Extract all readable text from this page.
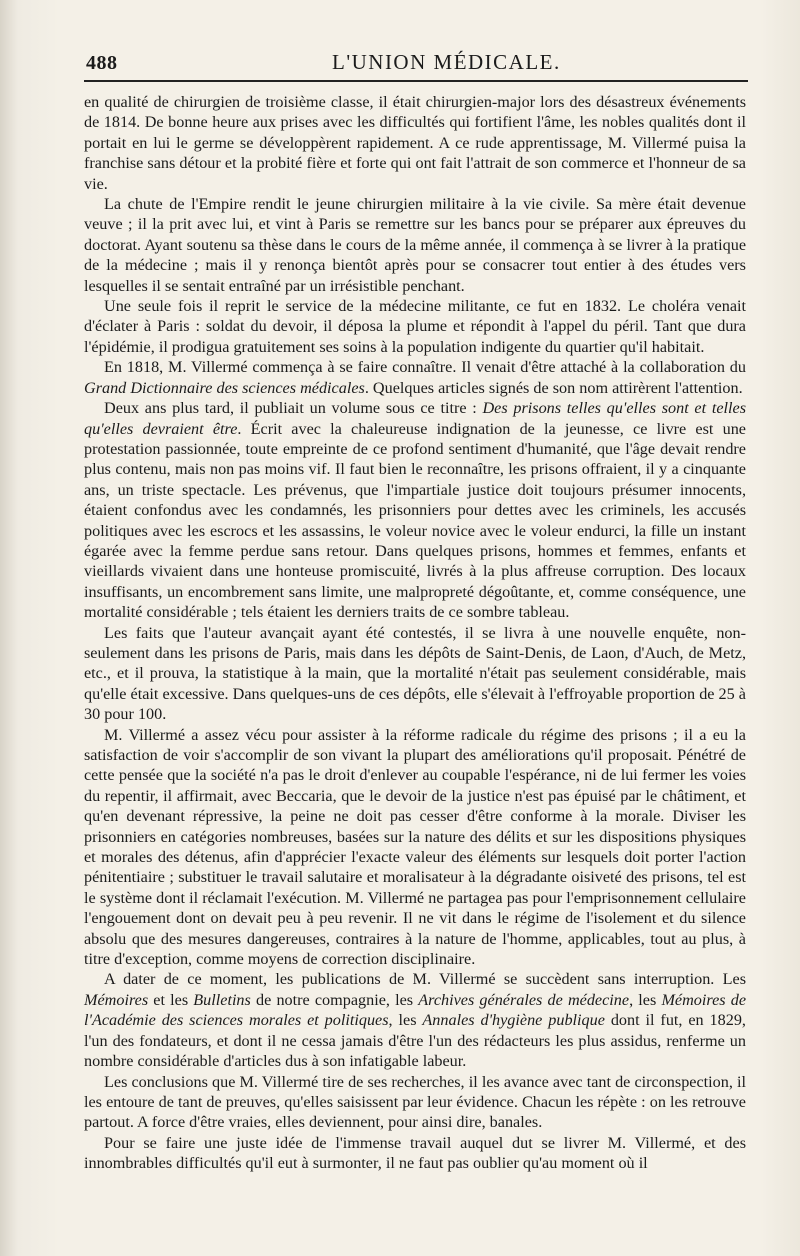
488	L'UNION MÉDICALE.

en qualité de chirurgien de troisième classe, il était chirurgien-major lors des désastreux événements de 1814. De bonne heure aux prises avec les difficultés qui fortifient l'âme, les nobles qualités dont il portait en lui le germe se développèrent rapidement. A ce rude apprentissage, M. Villermé puisa la franchise sans détour et la probité fière et forte qui ont fait l'attrait de son commerce et l'honneur de sa vie.

La chute de l'Empire rendit le jeune chirurgien militaire à la vie civile. Sa mère était devenue veuve ; il la prit avec lui, et vint à Paris se remettre sur les bancs pour se préparer aux épreuves du doctorat. Ayant soutenu sa thèse dans le cours de la même année, il commença à se livrer à la pratique de la médecine ; mais il y renonça bientôt après pour se consacrer tout entier à des études vers lesquelles il se sentait entraîné par un irrésistible penchant.

Une seule fois il reprit le service de la médecine militante, ce fut en 1832. Le choléra venait d'éclater à Paris : soldat du devoir, il déposa la plume et répondit à l'appel du péril. Tant que dura l'épidémie, il prodigua gratuitement ses soins à la population indigente du quartier qu'il habitait.

En 1818, M. Villermé commença à se faire connaître. Il venait d'être attaché à la collaboration du Grand Dictionnaire des sciences médicales. Quelques articles signés de son nom attirèrent l'attention.

Deux ans plus tard, il publiait un volume sous ce titre : Des prisons telles qu'elles sont et telles qu'elles devraient être. Écrit avec la chaleureuse indignation de la jeunesse, ce livre est une protestation passionnée, toute empreinte de ce profond sentiment d'humanité, que l'âge devait rendre plus contenu, mais non pas moins vif. Il faut bien le reconnaître, les prisons offraient, il y a cinquante ans, un triste spectacle. Les prévenus, que l'impartiale justice doit toujours présumer innocents, étaient confondus avec les condamnés, les prisonniers pour dettes avec les criminels, les accusés politiques avec les escrocs et les assassins, le voleur novice avec le voleur endurci, la fille un instant égarée avec la femme perdue sans retour. Dans quelques prisons, hommes et femmes, enfants et vieillards vivaient dans une honteuse promiscuité, livrés à la plus affreuse corruption. Des locaux insuffisants, un encombrement sans limite, une malpropreté dégoûtante, et, comme conséquence, une mortalité considérable ; tels étaient les derniers traits de ce sombre tableau.

Les faits que l'auteur avançait ayant été contestés, il se livra à une nouvelle enquête, non-seulement dans les prisons de Paris, mais dans les dépôts de Saint-Denis, de Laon, d'Auch, de Metz, etc., et il prouva, la statistique à la main, que la mortalité n'était pas seulement considérable, mais qu'elle était excessive. Dans quelques-uns de ces dépôts, elle s'élevait à l'effroyable proportion de 25 à 30 pour 100.

M. Villermé a assez vécu pour assister à la réforme radicale du régime des prisons ; il a eu la satisfaction de voir s'accomplir de son vivant la plupart des améliorations qu'il proposait. Pénétré de cette pensée que la société n'a pas le droit d'enlever au coupable l'espérance, ni de lui fermer les voies du repentir, il affirmait, avec Beccaria, que le devoir de la justice n'est pas épuisé par le châtiment, et qu'en devenant répressive, la peine ne doit pas cesser d'être conforme à la morale. Diviser les prisonniers en catégories nombreuses, basées sur la nature des délits et sur les dispositions physiques et morales des détenus, afin d'apprécier l'exacte valeur des éléments sur lesquels doit porter l'action pénitentiaire ; substituer le travail salutaire et moralisateur à la dégradante oisiveté des prisons, tel est le système dont il réclamait l'exécution. M. Villermé ne partagea pas pour l'emprisonnement cellulaire l'engouement dont on devait peu à peu revenir. Il ne vit dans le régime de l'isolement et du silence absolu que des mesures dangereuses, contraires à la nature de l'homme, applicables, tout au plus, à titre d'exception, comme moyens de correction disciplinaire.

A dater de ce moment, les publications de M. Villermé se succèdent sans interruption. Les Mémoires et les Bulletins de notre compagnie, les Archives générales de médecine, les Mémoires de l'Académie des sciences morales et politiques, les Annales d'hygiène publique dont il fut, en 1829, l'un des fondateurs, et dont il ne cessa jamais d'être l'un des rédacteurs les plus assidus, renferme un nombre considérable d'articles dus à son infatigable labeur.

Les conclusions que M. Villermé tire de ses recherches, il les avance avec tant de circonspection, il les entoure de tant de preuves, qu'elles saisissent par leur évidence. Chacun les répète : on les retrouve partout. A force d'être vraies, elles deviennent, pour ainsi dire, banales.

Pour se faire une juste idée de l'immense travail auquel dut se livrer M. Villermé, et des innombrables difficultés qu'il eut à surmonter, il ne faut pas oublier qu'au moment où il
